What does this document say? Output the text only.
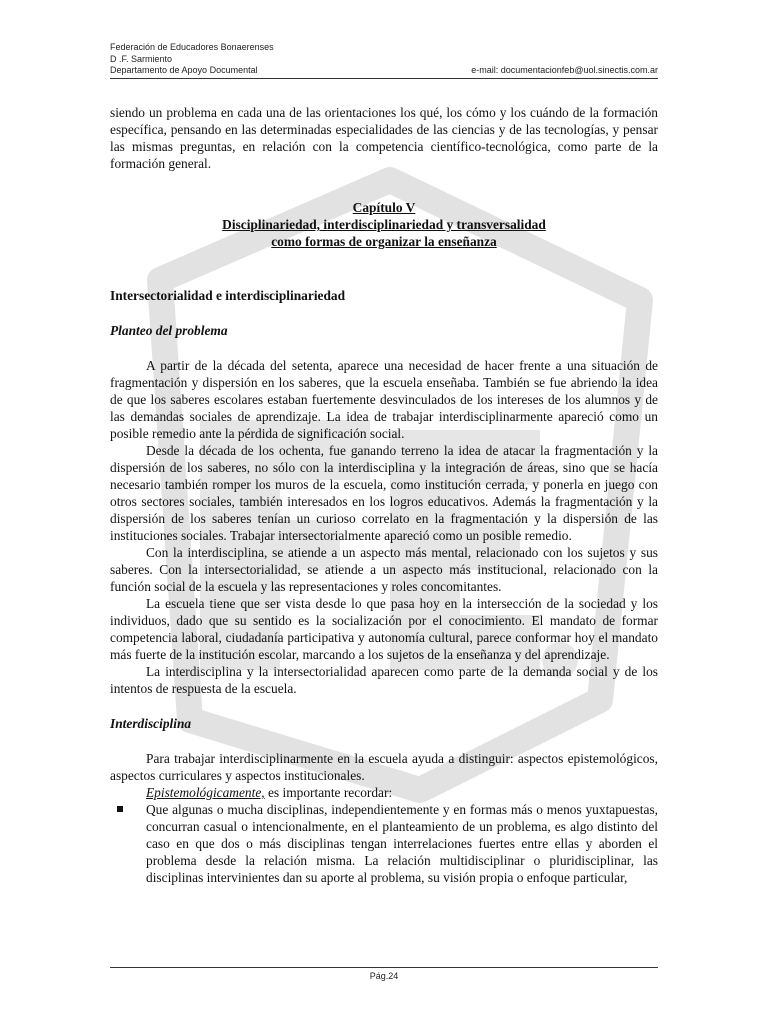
Federación de Educadores Bonaerenses
D .F. Sarmiento
Departamento de Apoyo Documental	e-mail: documentacionfeb@uol.sinectis.com.ar

siendo un problema en cada una de las orientaciones los qué, los cómo y los cuándo de la formación específica, pensando en las determinadas especialidades de las ciencias y de las tecnologías, y pensar las mismas preguntas, en relación con la competencia científico-tecnológica, como parte de la formación general.

Capítulo V
Disciplinariedad, interdisciplinariedad y transversalidad
como formas de organizar la enseñanza

Intersectorialidad e interdisciplinariedad

Planteo del problema

A partir de la década del setenta, aparece una necesidad de hacer frente a una situación de fragmentación y dispersión en los saberes, que la escuela enseñaba. También se fue abriendo la idea de que los saberes escolares estaban fuertemente desvinculados de los intereses de los alumnos y de las demandas sociales de aprendizaje. La idea de trabajar interdisciplinarmente apareció como un posible remedio ante la pérdida de significación social.

Desde la década de los ochenta, fue ganando terreno la idea de atacar la fragmentación y la dispersión de los saberes, no sólo con la interdisciplina y la integración de áreas, sino que se hacía necesario también romper los muros de la escuela, como institución cerrada, y ponerla en juego con otros sectores sociales, también interesados en los logros educativos. Además la fragmentación y la dispersión de los saberes tenían un curioso correlato en la fragmentación y la dispersión de las instituciones sociales. Trabajar intersectorialmente apareció como un posible remedio.

Con la interdisciplina, se atiende a un aspecto más mental, relacionado con los sujetos y sus saberes. Con la intersectorialidad, se atiende a un aspecto más institucional, relacionado con la función social de la escuela y las representaciones y roles concomitantes.

La escuela tiene que ser vista desde lo que pasa hoy en la intersección de la sociedad y los individuos, dado que su sentido es la socialización por el conocimiento. El mandato de formar competencia laboral, ciudadanía participativa y autonomía cultural, parece conformar hoy el mandato más fuerte de la institución escolar, marcando a los sujetos de la enseñanza y del aprendizaje.

La interdisciplina y la intersectorialidad aparecen como parte de la demanda social y de los intentos de respuesta de la escuela.

Interdisciplina

Para trabajar interdisciplinarmente en la escuela ayuda a distinguir: aspectos epistemológicos, aspectos curriculares y aspectos institucionales.

Epistemológicamente, es importante recordar:

Que algunas o mucha disciplinas, independientemente y en formas más o menos yuxtapuestas, concurran casual o intencionalmente, en el planteamiento de un problema, es algo distinto del caso en que dos o más disciplinas tengan interrelaciones fuertes entre ellas y aborden el problema desde la relación misma. La relación multidisciplinar o pluridisciplinar, las disciplinas intervinientes dan su aporte al problema, su visión propia o enfoque particular,
Pág.24
